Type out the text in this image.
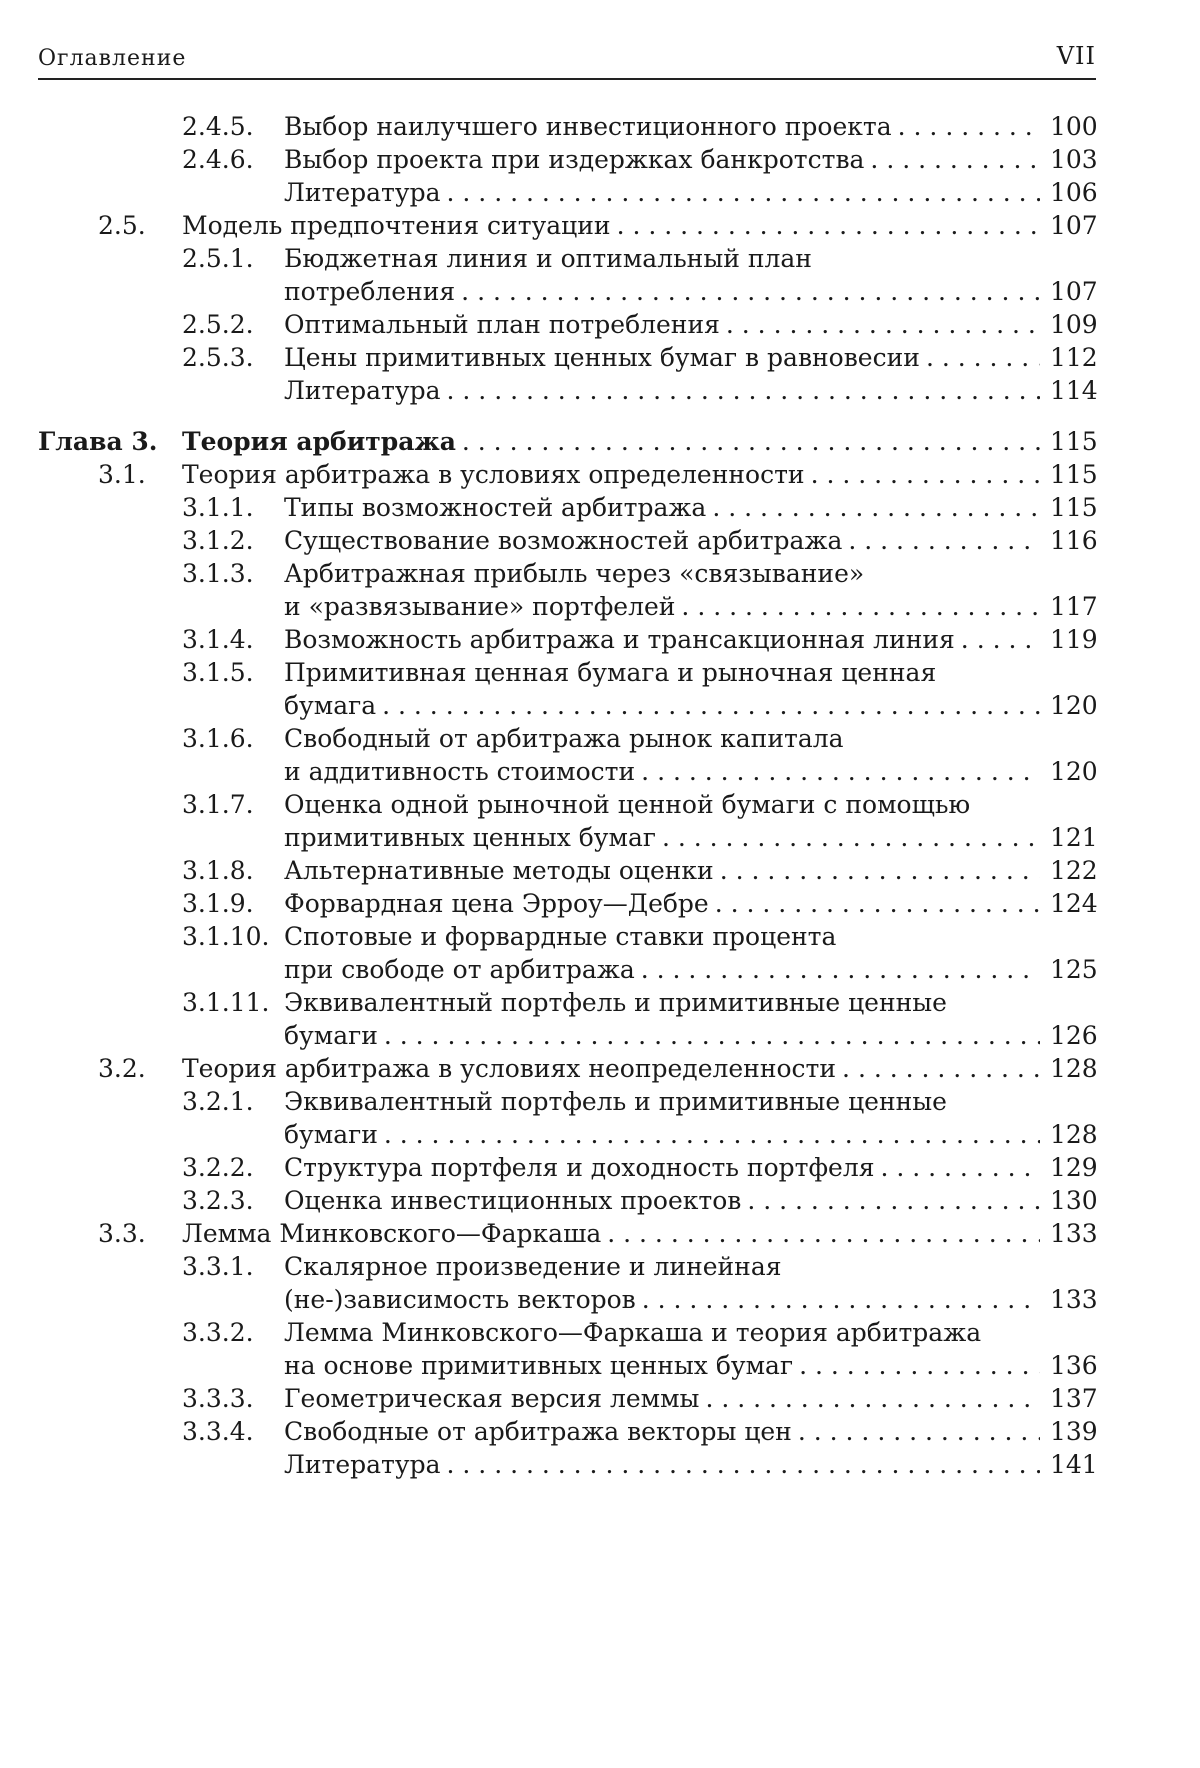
Оглавление	VII
2.4.5. Выбор наилучшего инвестиционного проекта . . .	100
2.4.6. Выбор проекта при издержках банкротства . . .	103
Литература . . .	106
2.5. Модель предпочтения ситуации . . .	107
2.5.1. Бюджетная линия и оптимальный план
потребления . . .	107
2.5.2. Оптимальный план потребления . . .	109
2.5.3. Цены примитивных ценных бумаг в равновесии . . .	112
Литература . . .	114
Глава 3. Теория арбитража . . .	115
3.1. Теория арбитража в условиях определенности . . .	115
3.1.1. Типы возможностей арбитража . . .	115
3.1.2. Существование возможностей арбитража . . .	116
3.1.3. Арбитражная прибыль через «связывание»
и «развязывание» портфелей . . .	117
3.1.4. Возможность арбитража и трансакционная линия . . .	119
3.1.5. Примитивная ценная бумага и рыночная ценная
бумага . . .	120
3.1.6. Свободный от арбитража рынок капитала
и аддитивность стоимости . . .	120
3.1.7. Оценка одной рыночной ценной бумаги с помощью
примитивных ценных бумаг . . .	121
3.1.8. Альтернативные методы оценки . . .	122
3.1.9. Форвардная цена Эрроу—Дебре . . .	124
3.1.10. Спотовые и форвардные ставки процента
при свободе от арбитража . . .	125
3.1.11. Эквивалентный портфель и примитивные ценные
бумаги . . .	126
3.2. Теория арбитража в условиях неопределенности . . .	128
3.2.1. Эквивалентный портфель и примитивные ценные
бумаги . . .	128
3.2.2. Структура портфеля и доходность портфеля . . .	129
3.2.3. Оценка инвестиционных проектов . . .	130
3.3. Лемма Минковского—Фаркаша . . .	133
3.3.1. Скалярное произведение и линейная
(не-)зависимость векторов . . .	133
3.3.2. Лемма Минковского—Фаркаша и теория арбитража
на основе примитивных ценных бумаг . . .	136
3.3.3. Геометрическая версия леммы . . .	137
3.3.4. Свободные от арбитража векторы цен . . .	139
Литература . . .	141
